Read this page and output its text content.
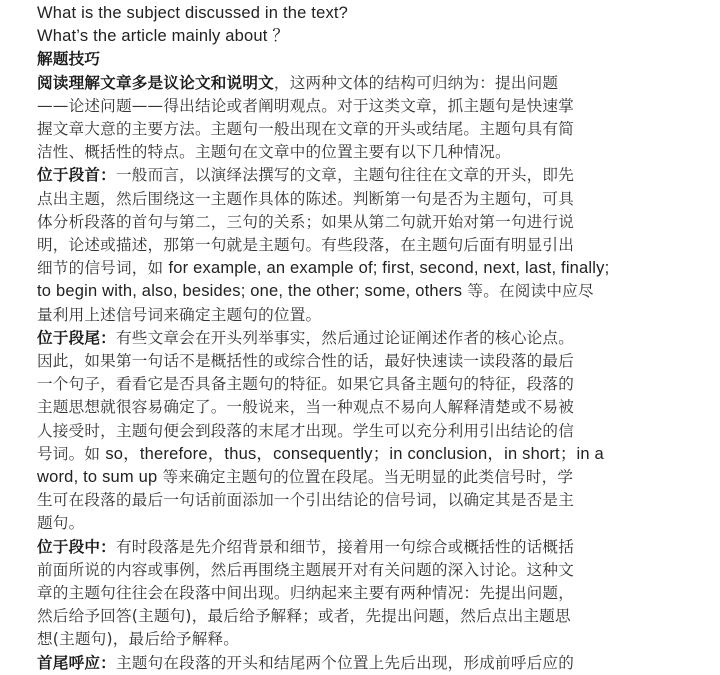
What is the subject discussed in the text?
What’s the article mainly about ？
解题技巧
阅读理解文章多是议论文和说明文，这两种文体的结构可归纳为：提出问题
——论述问题——得出结论或者阐明观点。对于这类文章，抓主题句是快速掌
握文章大意的主要方法。主题句一般出现在文章的开头或结尾。主题句具有简
洁性、概括性的特点。主题句在文章中的位置主要有以下几种情况。
位于段首：一般而言，以演绎法撰写的文章，主题句往往在文章的开头，即先
点出主题，然后围绕这一主题作具体的陈述。判断第一句是否为主题句，可具
体分析段落的首句与第二，三句的关系；如果从第二句就开始对第一句进行说
明，论述或描述，那第一句就是主题句。有些段落，在主题句后面有明显引出
细节的信号词，如 for example, an example of; first, second, next, last, finally;
to begin with, also, besides; one, the other; some, others 等。在阅读中应尽
量利用上述信号词来确定主题句的位置。
位于段尾：有些文章会在开头列举事实，然后通过论证阐述作者的核心论点。
因此，如果第一句话不是概括性的或综合性的话，最好快速读一读段落的最后
一个句子，看看它是否具备主题句的特征。如果它具备主题句的特征，段落的
主题思想就很容易确定了。一般说来，当一种观点不易向人解释清楚或不易被
人接受时，主题句便会到段落的末尾才出现。学生可以充分利用引出结论的信
号词。如 so，therefore，thus，consequently；in conclusion，in short；in a
word, to sum up 等来确定主题句的位置在段尾。当无明显的此类信号时，学
生可在段落的最后一句话前面添加一个引出结论的信号词，以确定其是否是主
题句。
位于段中：有时段落是先介绍背景和细节，接着用一句综合或概括性的话概括
前面所说的内容或事例，然后再围绕主题展开对有关问题的深入讨论。这种文
章的主题句往往会在段落中间出现。归纳起来主要有两种情况：先提出问题，
然后给予回答(主题句)，最后给予解释；或者，先提出问题，然后点出主题思
想(主题句)，最后给予解释。
首尾呼应：主题句在段落的开头和结尾两个位置上先后出现，形成前呼后应的
